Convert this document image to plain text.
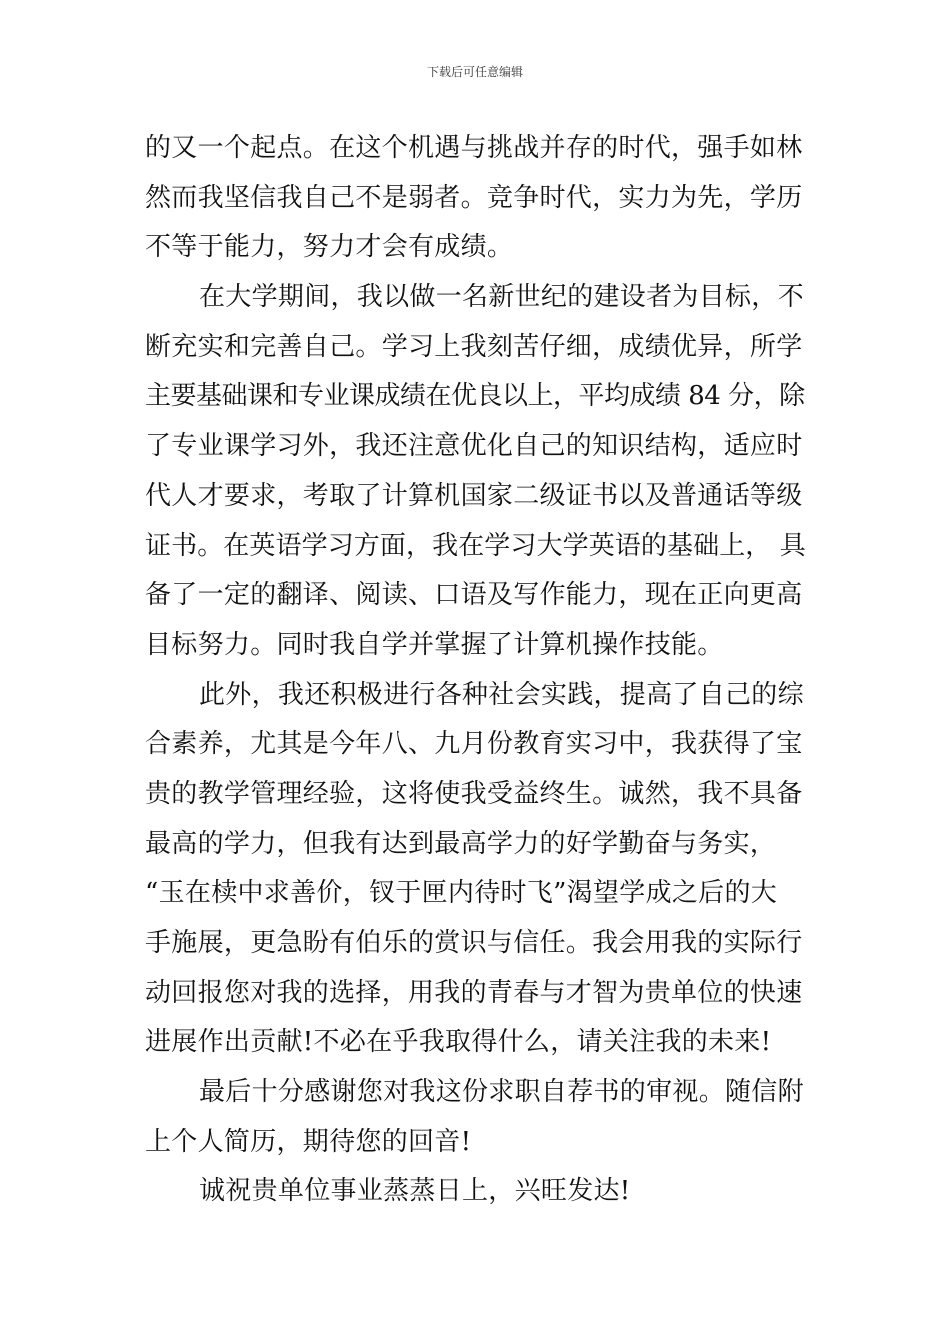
下载后可任意编辑
的又一个起点。在这个机遇与挑战并存的时代，强手如林
然而我坚信我自己不是弱者。竞争时代，实力为先，学历
不等于能力，努力才会有成绩。
在大学期间，我以做一名新世纪的建设者为目标，不
断充实和完善自己。学习上我刻苦仔细，成绩优异，所学
主要基础课和专业课成绩在优良以上，平均成绩 84 分，除
了专业课学习外，我还注意优化自己的知识结构，适应时
代人才要求，考取了计算机国家二级证书以及普通话等级
证书。在英语学习方面，我在学习大学英语的基础上， 具
备了一定的翻译、阅读、口语及写作能力，现在正向更高
目标努力。同时我自学并掌握了计算机操作技能。
此外，我还积极进行各种社会实践，提高了自己的综
合素养，尤其是今年八、九月份教育实习中，我获得了宝
贵的教学管理经验，这将使我受益终生。诚然，我不具备
最高的学力，但我有达到最高学力的好学勤奋与务实，
“玉在椟中求善价，钗于匣内待时飞”渴望学成之后的大
手施展，更急盼有伯乐的赏识与信任。我会用我的实际行
动回报您对我的选择，用我的青春与才智为贵单位的快速
进展作出贡献!不必在乎我取得什么，请关注我的未来!
最后十分感谢您对我这份求职自荐书的审视。随信附
上个人简历，期待您的回音!
诚祝贵单位事业蒸蒸日上，兴旺发达!
